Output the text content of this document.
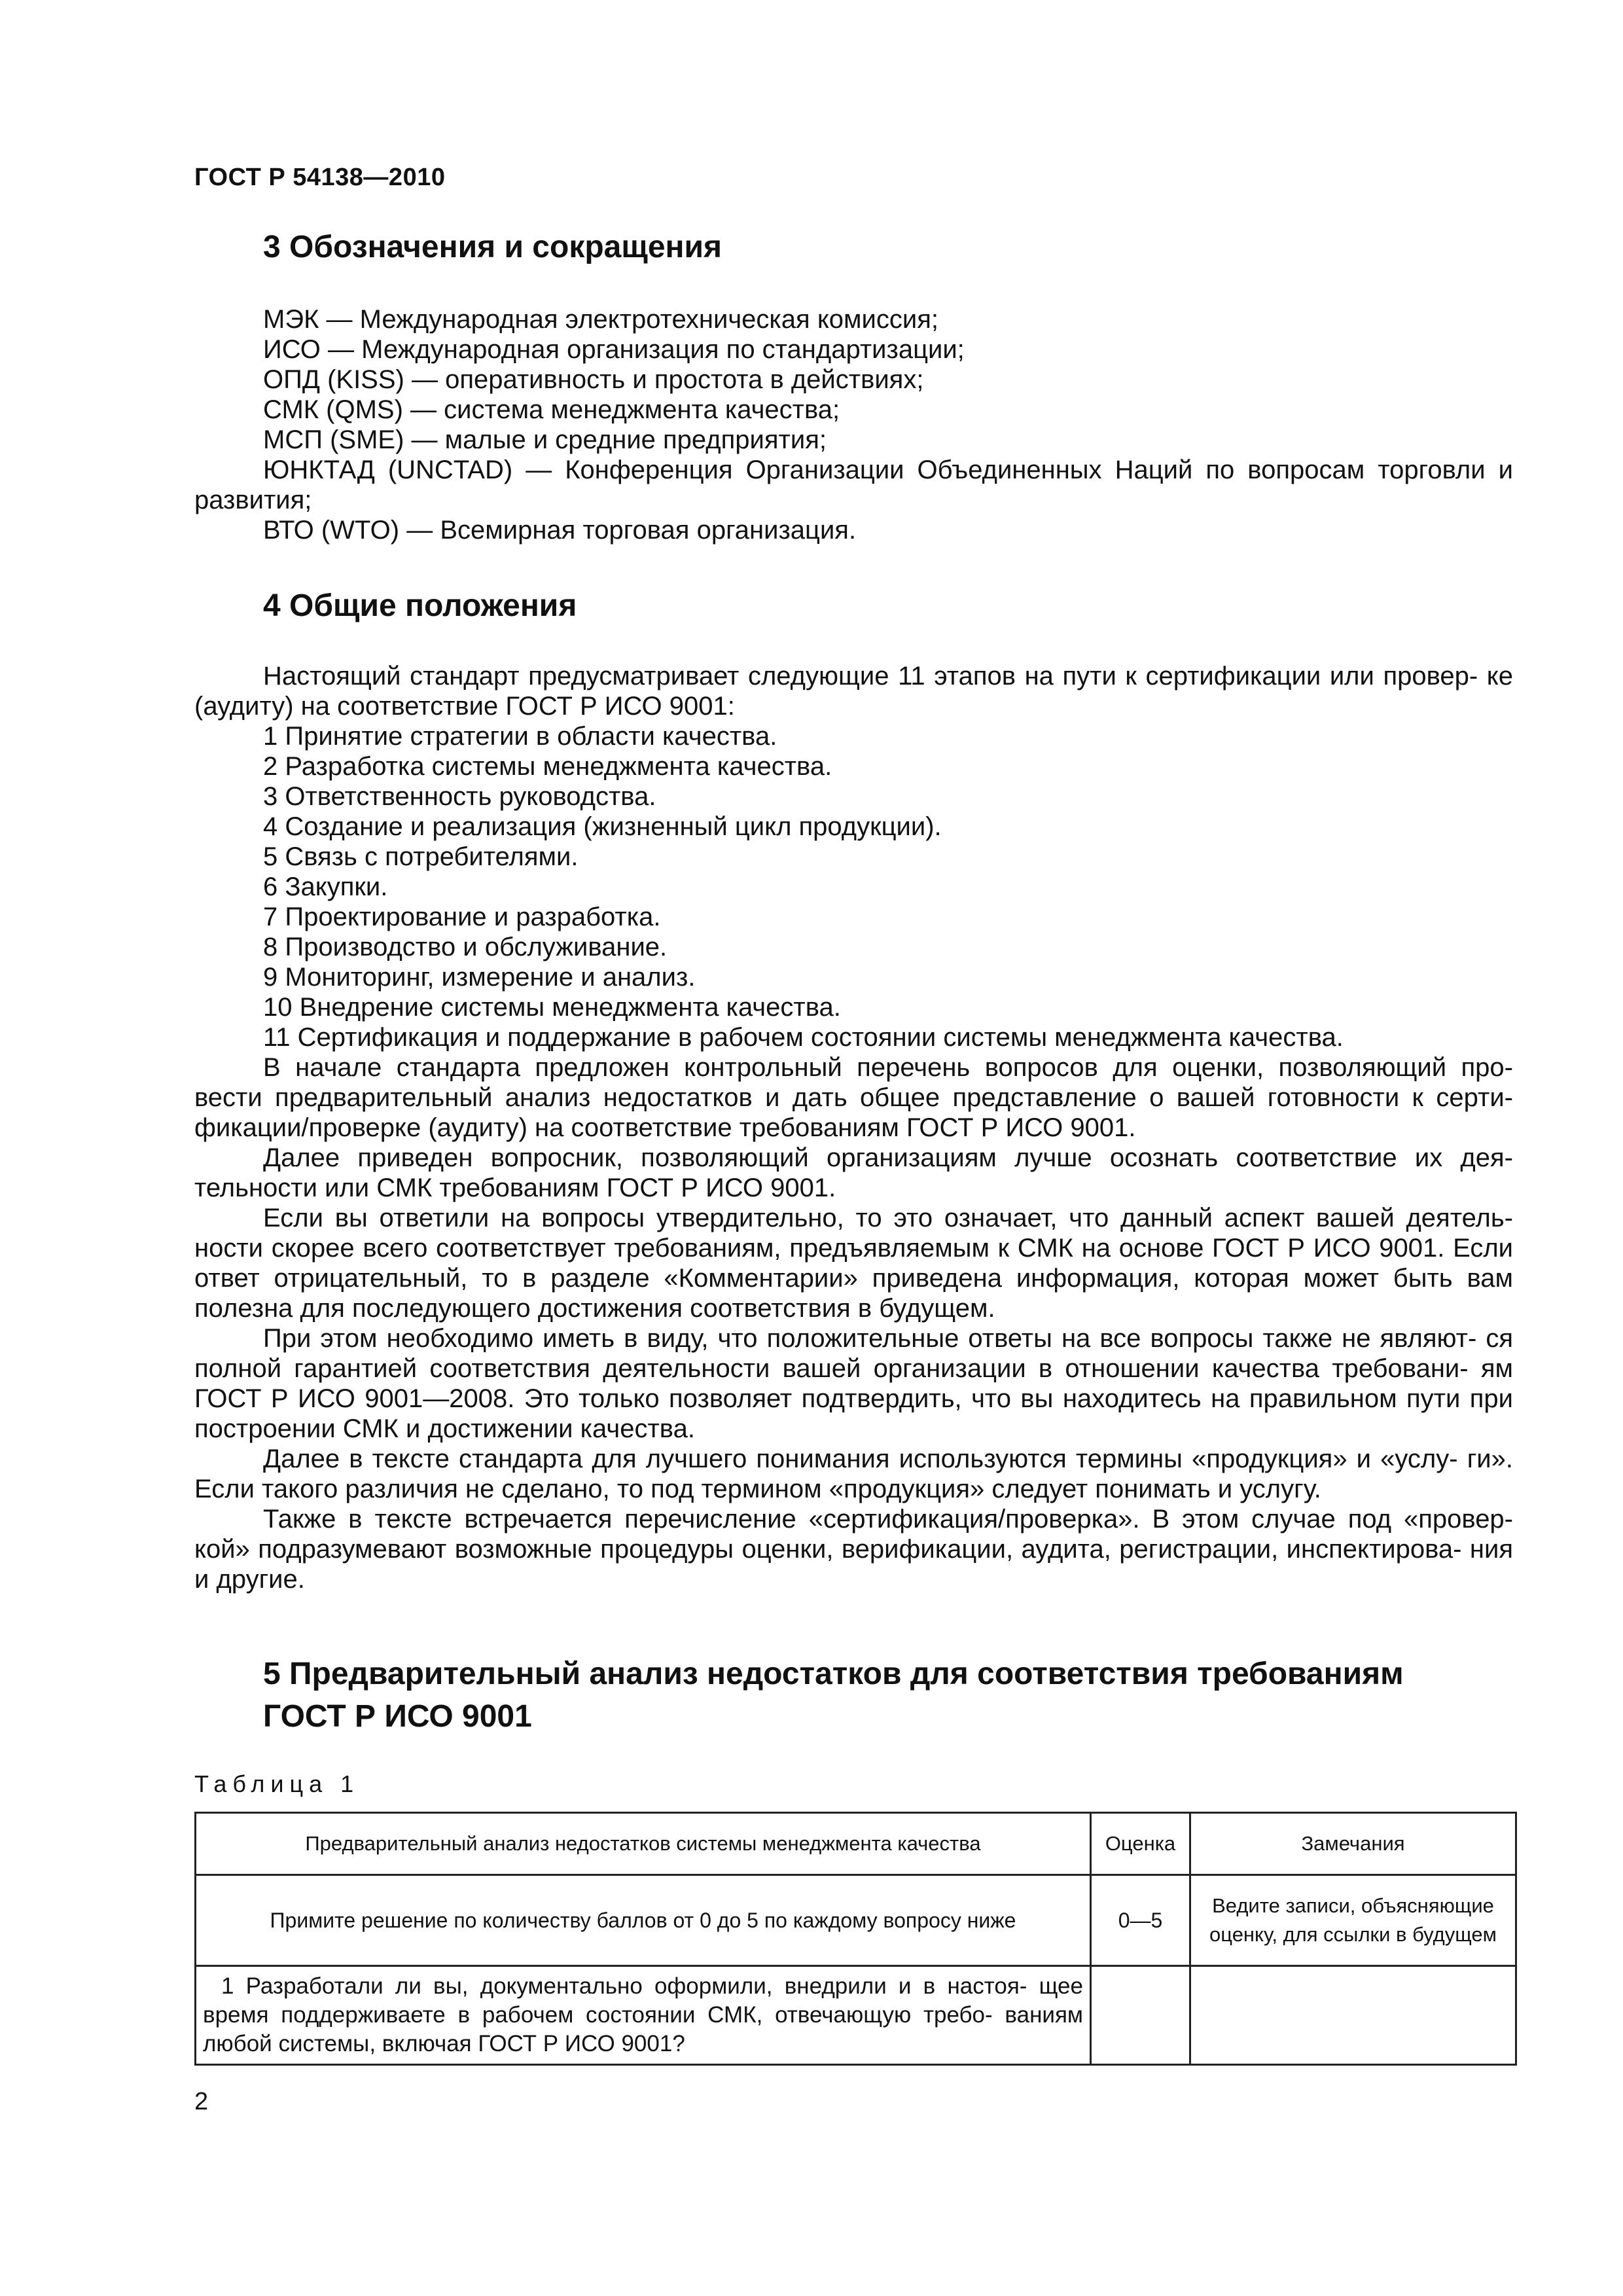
ГОСТ Р 54138—2010
3 Обозначения и сокращения
МЭК — Международная электротехническая комиссия;
ИСО — Международная организация по стандартизации;
ОПД (KISS) — оперативность и простота в действиях;
СМК (QMS) — система менеджмента качества;
МСП (SME) — малые и средние предприятия;
ЮНКТАД (UNCTAD) — Конференция Организации Объединенных Наций по вопросам торговли и развития;
ВТО (WTO) — Всемирная торговая организация.
4 Общие положения

Настоящий стандарт предусматривает следующие 11 этапов на пути к сертификации или провер- ке (аудиту) на соответствие ГОСТ Р ИСО 9001:

1 Принятие стратегии в области качества.
2 Разработка системы менеджмента качества.
3 Ответственность руководства.
4 Создание и реализация (жизненный цикл продукции).
5 Связь с потребителями.
6 Закупки.
7 Проектирование и разработка.
8 Производство и обслуживание.
9 Мониторинг, измерение и анализ.
10 Внедрение системы менеджмента качества.
11 Сертификация и поддержание в рабочем состоянии системы менеджмента качества.

В начале стандарта предложен контрольный перечень вопросов для оценки, позволяющий про- вести предварительный анализ недостатков и дать общее представление о вашей готовности к серти- фикации/проверке (аудиту) на соответствие требованиям ГОСТ Р ИСО 9001.

Далее приведен вопросник, позволяющий организациям лучше осознать соответствие их дея- тельности или СМК требованиям ГОСТ Р ИСО 9001.

Если вы ответили на вопросы утвердительно, то это означает, что данный аспект вашей деятель- ности скорее всего соответствует требованиям, предъявляемым к СМК на основе ГОСТ Р ИСО 9001. Если ответ отрицательный, то в разделе «Комментарии» приведена информация, которая может быть вам полезна для последующего достижения соответствия в будущем.

При этом необходимо иметь в виду, что положительные ответы на все вопросы также не являют- ся полной гарантией соответствия деятельности вашей организации в отношении качества требовани- ям ГОСТ Р ИСО 9001—2008. Это только позволяет подтвердить, что вы находитесь на правильном пути при построении СМК и достижении качества.

Далее в тексте стандарта для лучшего понимания используются термины «продукция» и «услу- ги». Если такого различия не сделано, то под термином «продукция» следует понимать и услугу.

Также в тексте встречается перечисление «сертификация/проверка». В этом случае под «провер- кой» подразумевают возможные процедуры оценки, верификации, аудита, регистрации, инспектирова- ния и другие.

5 Предварительный анализ недостатков для соответствия требованиям
ГОСТ Р ИСО 9001
Таблица 1
Предварительный анализ недостатков системы менеджмента качества	Оценка	Замечания
Примите решение по количеству баллов от 0 до 5 по каждому вопросу ниже	0—5	Ведите записи, объясняющие оценку, для ссылки в будущем
1 Разработали ли вы, документально оформили, внедрили и в настоя- щее время поддерживаете в рабочем состоянии СМК, отвечающую требо- ваниям любой системы, включая ГОСТ Р ИСО 9001?		
2
